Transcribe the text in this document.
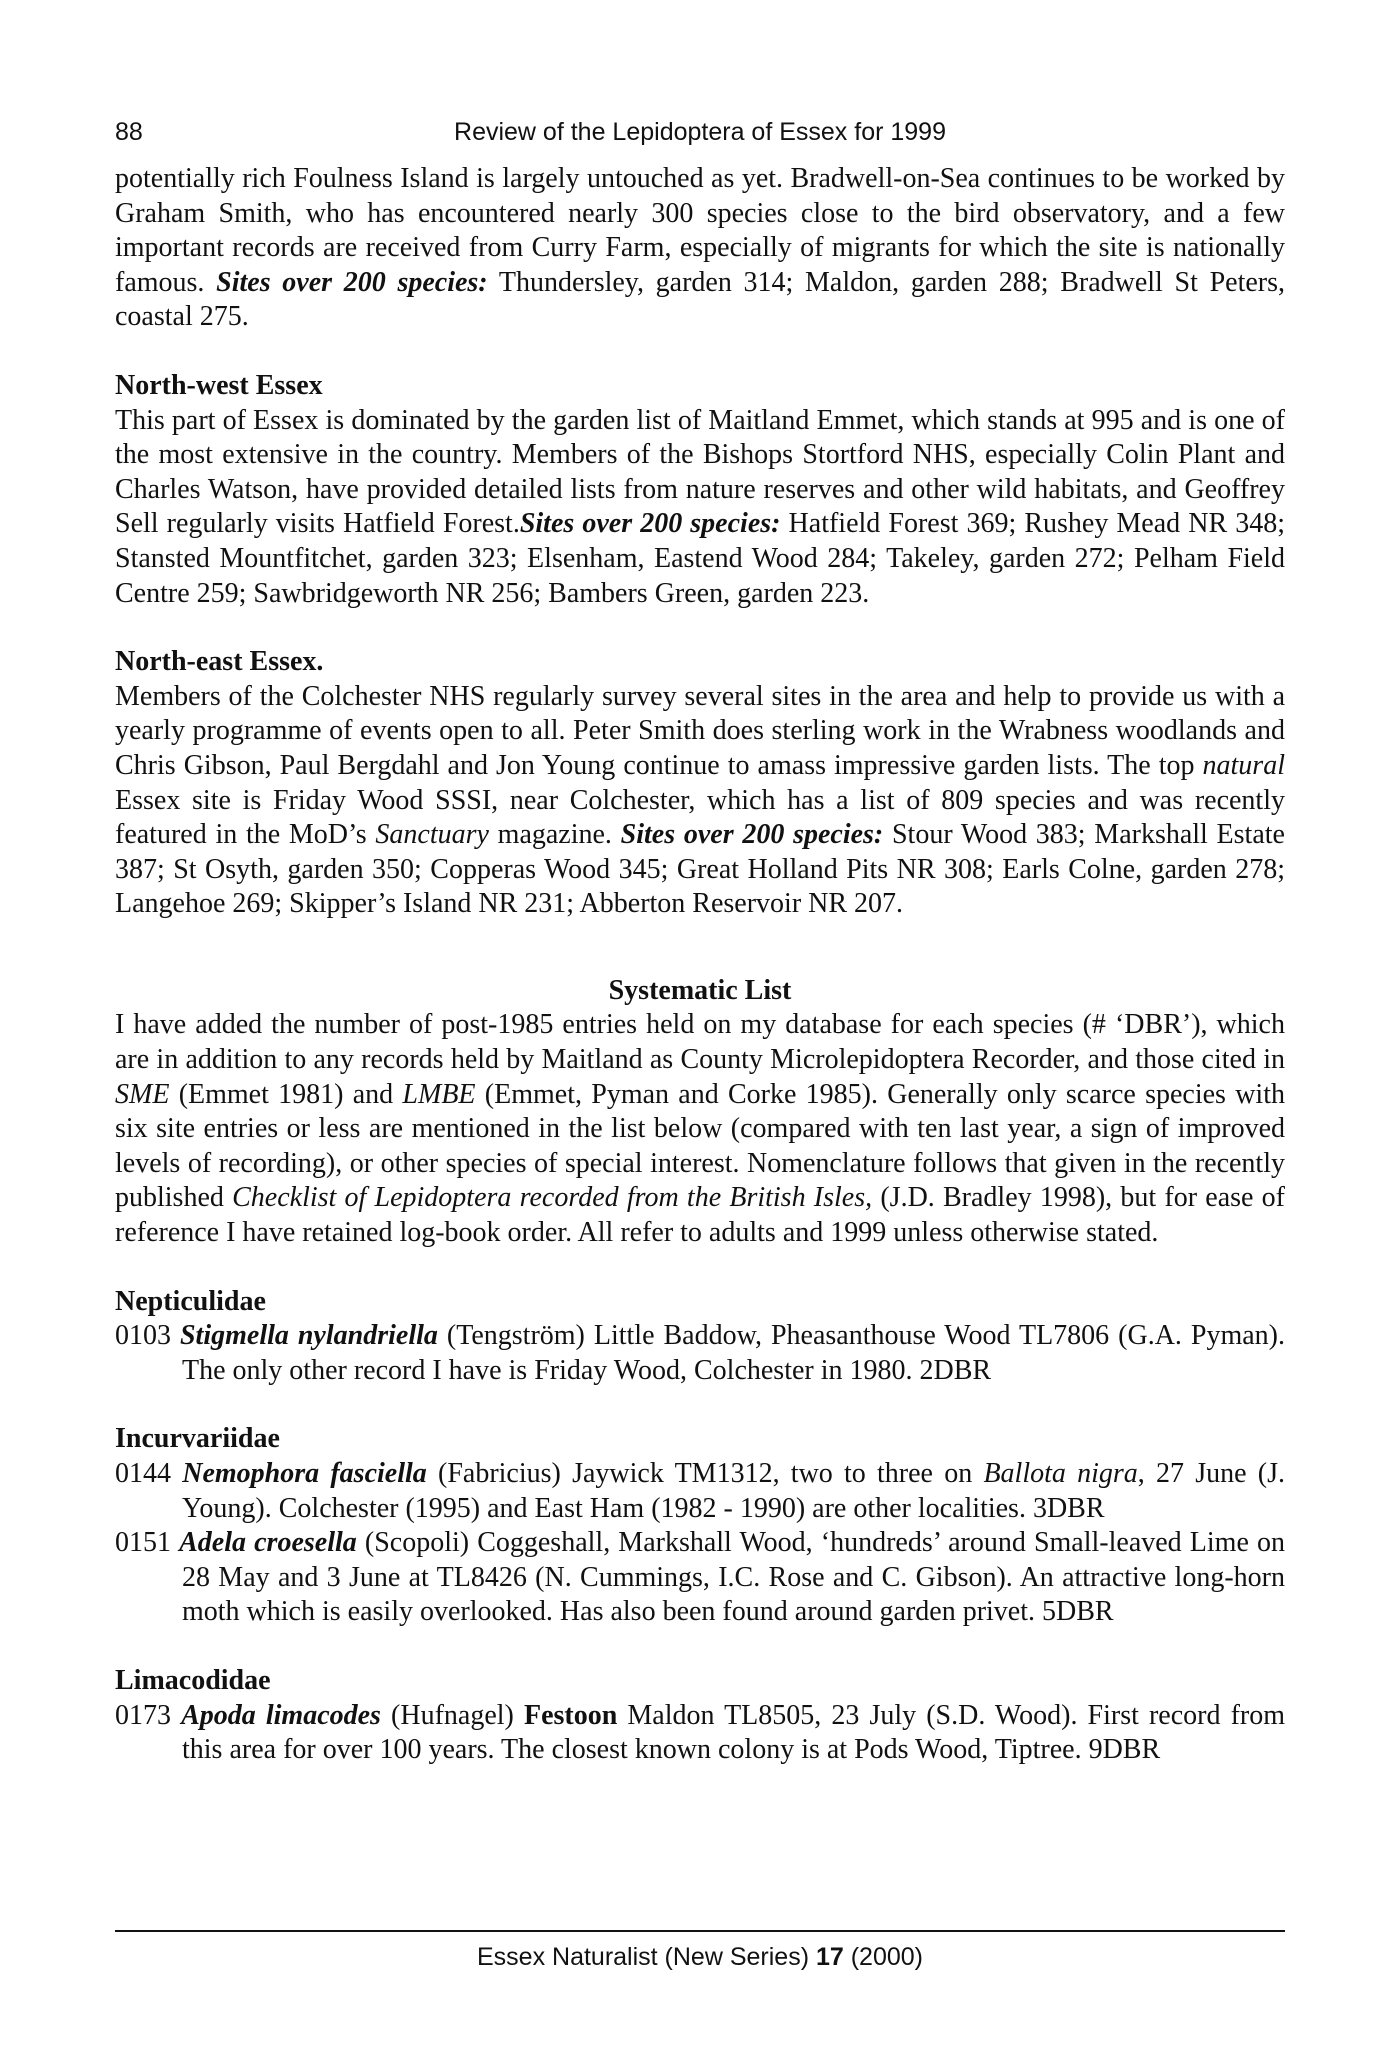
88	Review of the Lepidoptera of Essex for 1999

potentially rich Foulness Island is largely untouched as yet. Bradwell-on-Sea continues to be worked by Graham Smith, who has encountered nearly 300 species close to the bird observatory, and a few important records are received from Curry Farm, especially of migrants for which the site is nationally famous. Sites over 200 species: Thundersley, garden 314; Maldon, garden 288; Bradwell St Peters, coastal 275.

North-west Essex

This part of Essex is dominated by the garden list of Maitland Emmet, which stands at 995 and is one of the most extensive in the country. Members of the Bishops Stortford NHS, especially Colin Plant and Charles Watson, have provided detailed lists from nature reserves and other wild habitats, and Geoffrey Sell regularly visits Hatfield Forest.Sites over 200 species: Hatfield Forest 369; Rushey Mead NR 348; Stansted Mountfitchet, garden 323; Elsenham, Eastend Wood 284; Takeley, garden 272; Pelham Field Centre 259; Sawbridgeworth NR 256; Bambers Green, garden 223.

North-east Essex.

Members of the Colchester NHS regularly survey several sites in the area and help to provide us with a yearly programme of events open to all. Peter Smith does sterling work in the Wrabness woodlands and Chris Gibson, Paul Bergdahl and Jon Young continue to amass impressive garden lists. The top natural Essex site is Friday Wood SSSI, near Colchester, which has a list of 809 species and was recently featured in the MoD’s Sanctuary magazine. Sites over 200 species: Stour Wood 383; Markshall Estate 387; St Osyth, garden 350; Copperas Wood 345; Great Holland Pits NR 308; Earls Colne, garden 278; Langehoe 269; Skipper’s Island NR 231; Abberton Reservoir NR 207.

Systematic List

I have added the number of post-1985 entries held on my database for each species (# ‘DBR’), which are in addition to any records held by Maitland as County Microlepidoptera Recorder, and those cited in SME (Emmet 1981) and LMBE (Emmet, Pyman and Corke 1985). Generally only scarce species with six site entries or less are mentioned in the list below (compared with ten last year, a sign of improved levels of recording), or other species of special interest. Nomenclature follows that given in the recently published Checklist of Lepidoptera recorded from the British Isles, (J.D. Bradley 1998), but for ease of reference I have retained log-book order. All refer to adults and 1999 unless otherwise stated.

Nepticulidae

0103 Stigmella nylandriella (Tengström) Little Baddow, Pheasanthouse Wood TL7806 (G.A. Pyman). The only other record I have is Friday Wood, Colchester in 1980. 2DBR

Incurvariidae

0144 Nemophora fasciella (Fabricius) Jaywick TM1312, two to three on Ballota nigra, 27 June (J. Young). Colchester (1995) and East Ham (1982 - 1990) are other localities. 3DBR

0151 Adela croesella (Scopoli) Coggeshall, Markshall Wood, ‘hundreds’ around Small-leaved Lime on 28 May and 3 June at TL8426 (N. Cummings, I.C. Rose and C. Gibson). An attractive long-horn moth which is easily overlooked. Has also been found around garden privet. 5DBR

Limacodidae

0173 Apoda limacodes (Hufnagel) Festoon Maldon TL8505, 23 July (S.D. Wood). First record from this area for over 100 years. The closest known colony is at Pods Wood, Tiptree. 9DBR

Essex Naturalist (New Series) 17 (2000)
